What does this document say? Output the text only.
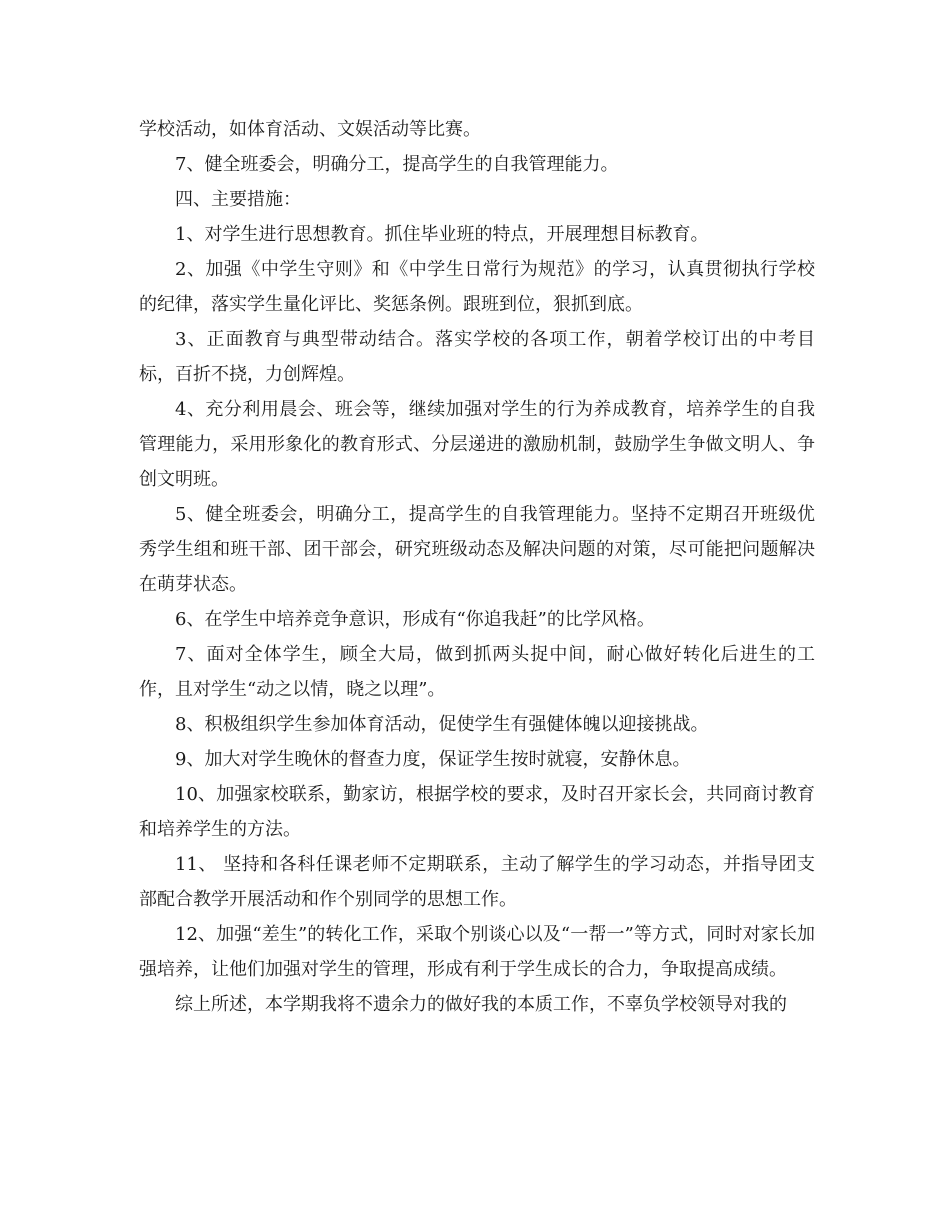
学校活动，如体育活动、文娱活动等比赛。

7、健全班委会，明确分工，提高学生的自我管理能力。

四、主要措施：

1、对学生进行思想教育。抓住毕业班的特点，开展理想目标教育。

2、加强《中学生守则》和《中学生日常行为规范》的学习，认真贯彻执行学校的纪律，落实学生量化评比、奖惩条例。跟班到位，狠抓到底。

3、正面教育与典型带动结合。落实学校的各项工作，朝着学校订出的中考目标，百折不挠，力创辉煌。

4、充分利用晨会、班会等，继续加强对学生的行为养成教育，培养学生的自我管理能力，采用形象化的教育形式、分层递进的激励机制，鼓励学生争做文明人、争创文明班。

5、健全班委会，明确分工，提高学生的自我管理能力。坚持不定期召开班级优秀学生组和班干部、团干部会，研究班级动态及解决问题的对策，尽可能把问题解决在萌芽状态。

6、在学生中培养竞争意识，形成有“你追我赶”的比学风格。

7、面对全体学生，顾全大局，做到抓两头捉中间，耐心做好转化后进生的工作，且对学生“动之以情，晓之以理”。

8、积极组织学生参加体育活动，促使学生有强健体魄以迎接挑战。

9、加大对学生晚休的督查力度，保证学生按时就寝，安静休息。

10、加强家校联系，勤家访，根据学校的要求，及时召开家长会，共同商讨教育和培养学生的方法。

11、 坚持和各科任课老师不定期联系，主动了解学生的学习动态，并指导团支部配合教学开展活动和作个别同学的思想工作。

12、加强“差生”的转化工作，采取个别谈心以及“一帮一”等方式，同时对家长加强培养，让他们加强对学生的管理，形成有利于学生成长的合力，争取提高成绩。

综上所述，本学期我将不遗余力的做好我的本质工作，不辜负学校领导对我的
